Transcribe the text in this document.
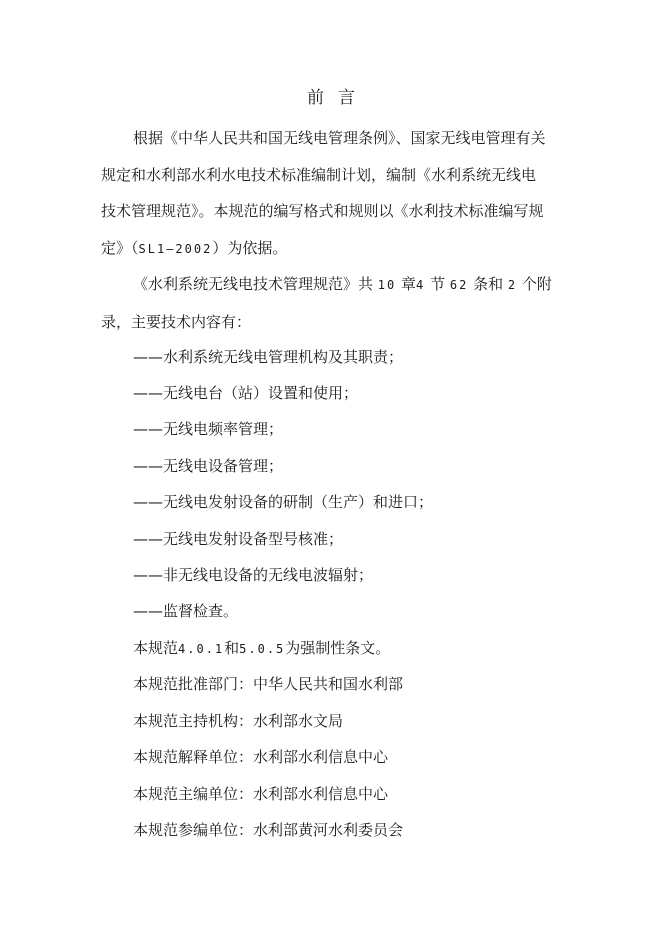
前言
根据《中华人民共和国无线电管理条例》、国家无线电管理有关
规定和水利部水利水电技术标准编制计划，编制《水利系统无线电
技术管理规范》。本规范的编写格式和规则以《水利技术标准编写规
定》（SL1—2002）为依据。
《水利系统无线电技术管理规范》共 10 章4 节 62 条和 2 个附
录，主要技术内容有：
——水利系统无线电管理机构及其职责；
——无线电台（站）设置和使用；
——无线电频率管理；
——无线电设备管理；
——无线电发射设备的研制（生产）和进口；
——无线电发射设备型号核准；
——非无线电设备的无线电波辐射；
——监督检查。
本规范4.0.1和5.0.5为强制性条文。
本规范批准部门：中华人民共和国水利部
本规范主持机构：水利部水文局
本规范解释单位：水利部水利信息中心
本规范主编单位：水利部水利信息中心
本规范参编单位：水利部黄河水利委员会
